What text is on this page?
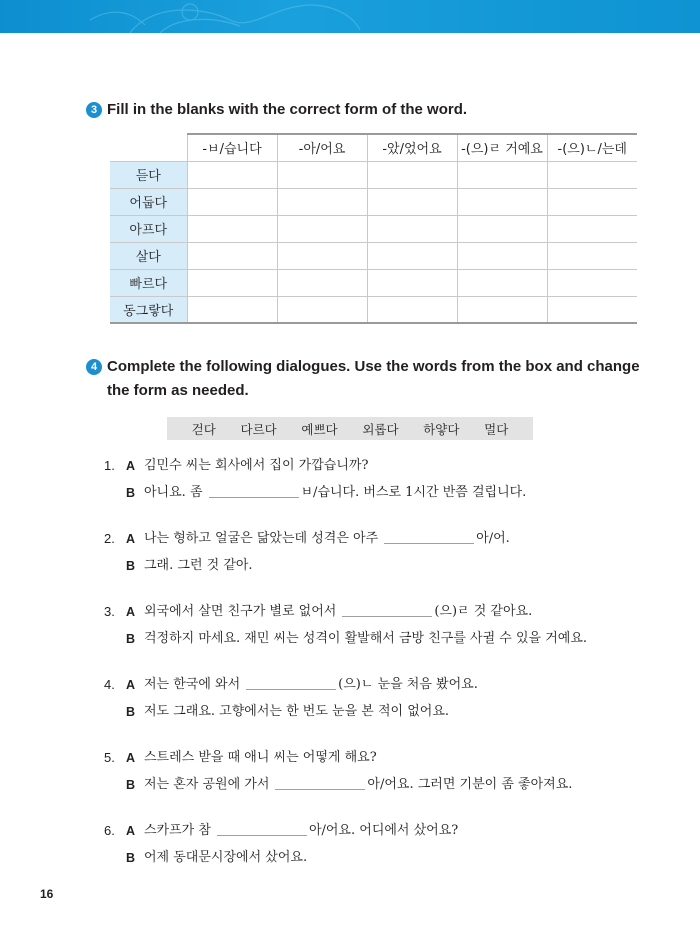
3 Fill in the blanks with the correct form of the word.
	-ㅂ/습니다	-아/어요	-았/었어요	-(으)ㄹ 거예요	-(으)ㄴ/는데
듣다					
어둡다					
아프다					
살다					
빠르다					
동그랗다					
4 Complete the following dialogues. Use the words from the box and change
the form as needed.
걷다 다르다 예쁘다 외롭다 하얗다 멀다
1. A 김민수 씨는 회사에서 집이 가깝습니까?
B 아니요. 좀	ㅂ/습니다. 버스로 1시간 반쯤 걸립니다.
2. A 나는 형하고 얼굴은 닮았는데 성격은 아주	아/어.
B 그래. 그런 것 같아.
3. A 외국에서 살면 친구가 별로 없어서	(으)ㄹ 것 같아요.
B 걱정하지 마세요. 재민 씨는 성격이 활발해서 금방 친구를 사귈 수 있을 거예요.
4. A 저는 한국에 와서	(으)ㄴ 눈을 처음 봤어요.
B 저도 그래요. 고향에서는 한 번도 눈을 본 적이 없어요.
5. A 스트레스 받을 때 애니 씨는 어떻게 해요?
B 저는 혼자 공원에 가서	아/어요. 그러면 기분이 좀 좋아져요.
6. A 스카프가 참	아/어요. 어디에서 샀어요?
B 어제 동대문시장에서 샀어요.
16
